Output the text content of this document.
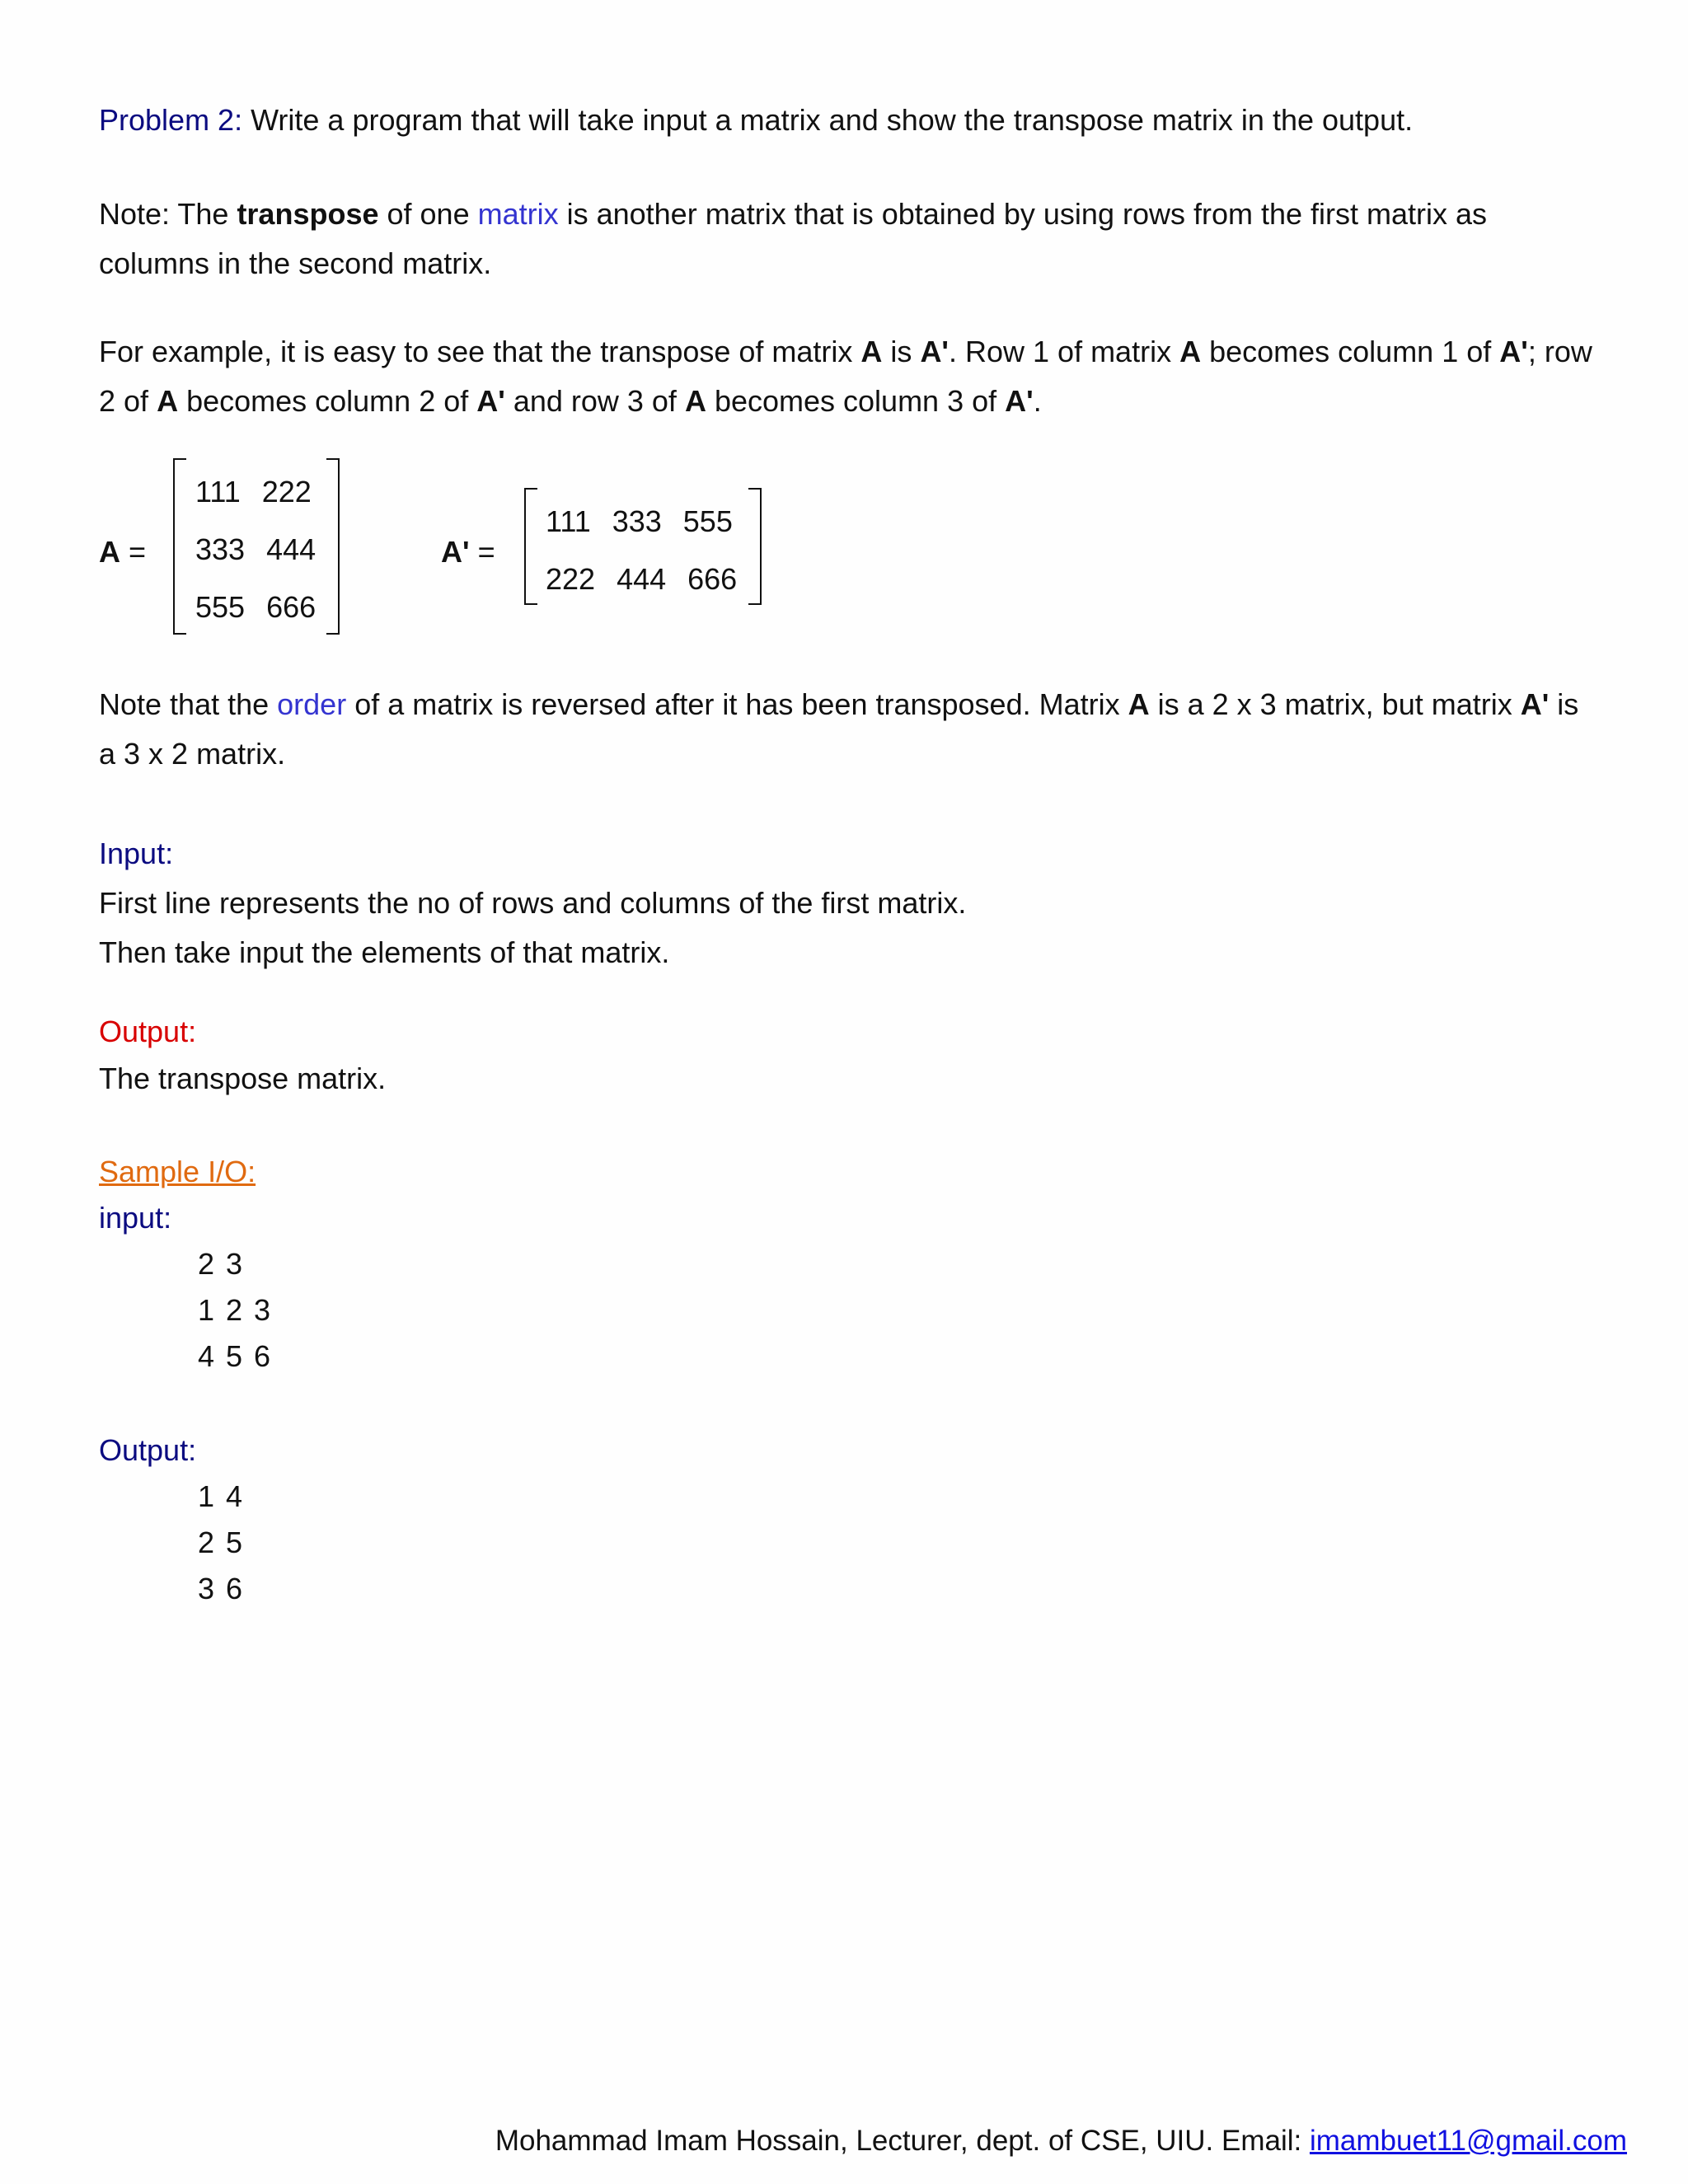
Problem 2: Write a program that will take input a matrix and show the transpose matrix in the output.

Note: The transpose of one matrix is another matrix that is obtained by using rows from the first matrix as

columns in the second matrix.

For example, it is easy to see that the transpose of matrix A is A'. Row 1 of matrix A becomes column 1 of A'; row

2 of A becomes column 2 of A' and row 3 of A becomes column 3 of A'.

A =
111 222
333 444
555 666
A' =
111 333 555
222 444 666

Note that the order of a matrix is reversed after it has been transposed. Matrix A is a 2 x 3 matrix, but matrix A' is

a 3 x 2 matrix.

Input:

First line represents the no of rows and columns of the first matrix.

Then take input the elements of that matrix.

Output:

The transpose matrix.

Sample I/O:

input:

2 3
1 2 3
4 5 6

Output:

1 4
2 5
3 6
Mohammad Imam Hossain, Lecturer, dept. of CSE, UIU. Email: imambuet11@gmail.com
